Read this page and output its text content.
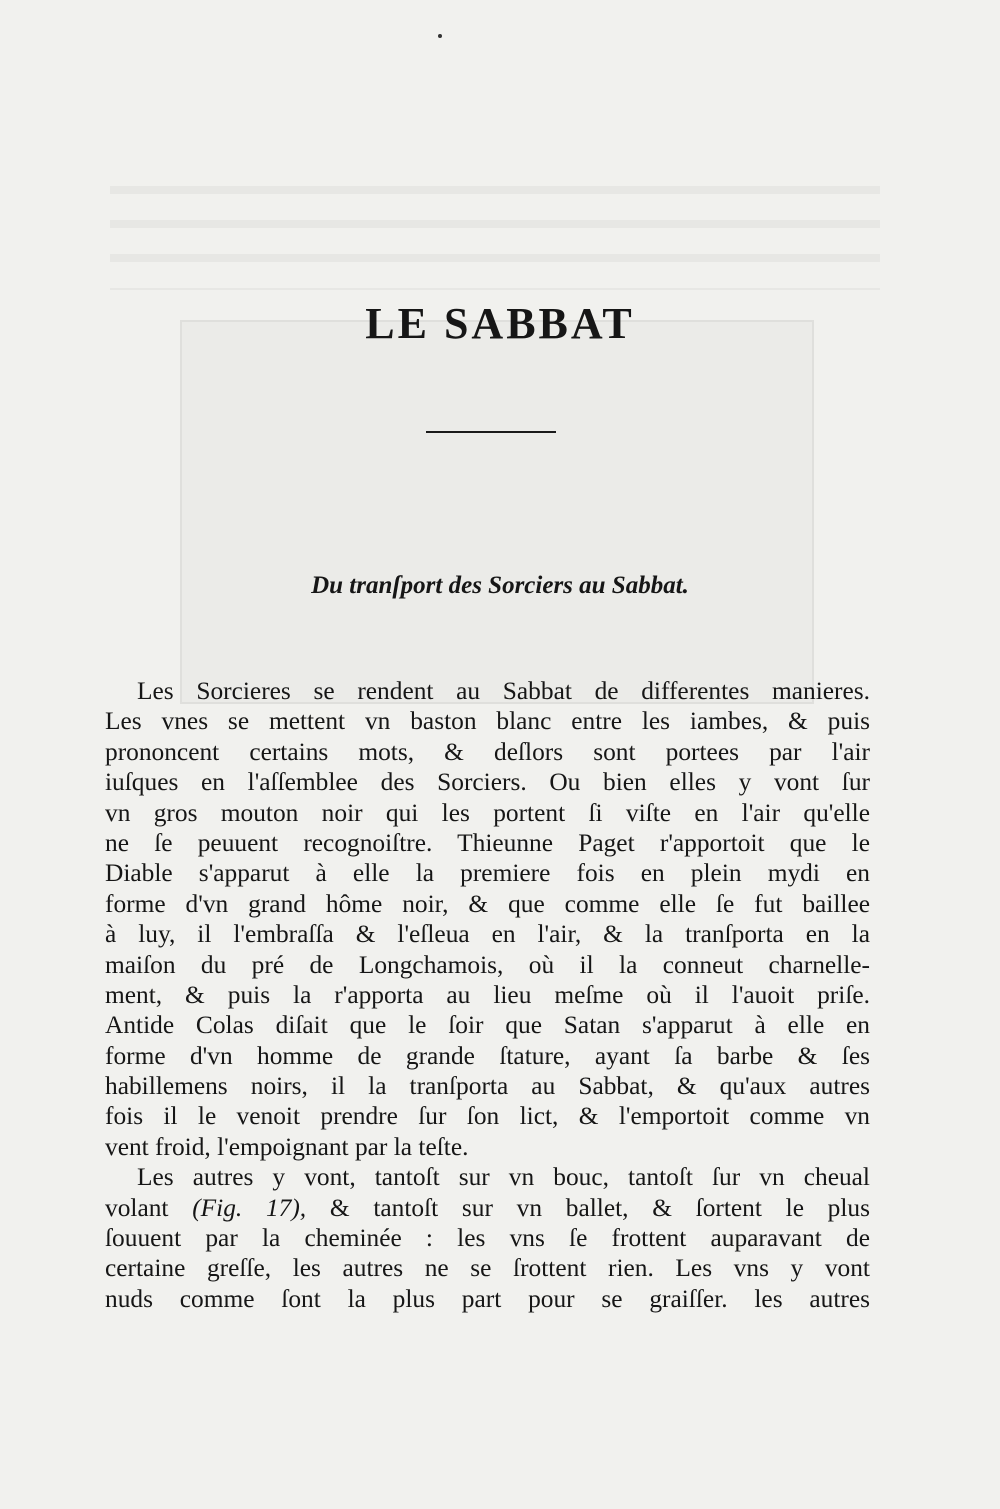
LE SABBAT
Du tranſport des Sorciers au Sabbat.
Les Sorcieres se rendent au Sabbat de differentes manieres.
Les vnes se mettent vn baston blanc entre les iambes, & puis
prononcent certains mots, & deſlors sont portees par l'air
iuſques en l'aſſemblee des Sorciers. Ou bien elles y vont ſur
vn gros mouton noir qui les portent ſi viſte en l'air qu'elle
ne ſe peuuent recognoiſtre. Thieunne Paget r'apportoit que le
Diable s'apparut à elle la premiere fois en plein mydi en
forme d'vn grand hôme noir, & que comme elle ſe fut baillee
à luy, il l'embraſſa & l'eſleua en l'air, & la tranſporta en la
maiſon du pré de Longchamois, où il la conneut charnelle-
ment, & puis la r'apporta au lieu meſme où il l'auoit priſe.
Antide Colas diſait que le ſoir que Satan s'apparut à elle en
forme d'vn homme de grande ſtature, ayant ſa barbe & ſes
habillemens noirs, il la tranſporta au Sabbat, & qu'aux autres
fois il le venoit prendre ſur ſon lict, & l'emportoit comme vn
vent froid, l'empoignant par la teſte.
Les autres y vont, tantoſt sur vn bouc, tantoſt ſur vn cheual
volant (Fig. 17), & tantoſt sur vn ballet, & ſortent le plus
ſouuent par la cheminée : les vns ſe frottent auparavant de
certaine greſſe, les autres ne se ſrottent rien. Les vns y vont
nuds comme ſont la plus part pour se graiſſer. les autres
